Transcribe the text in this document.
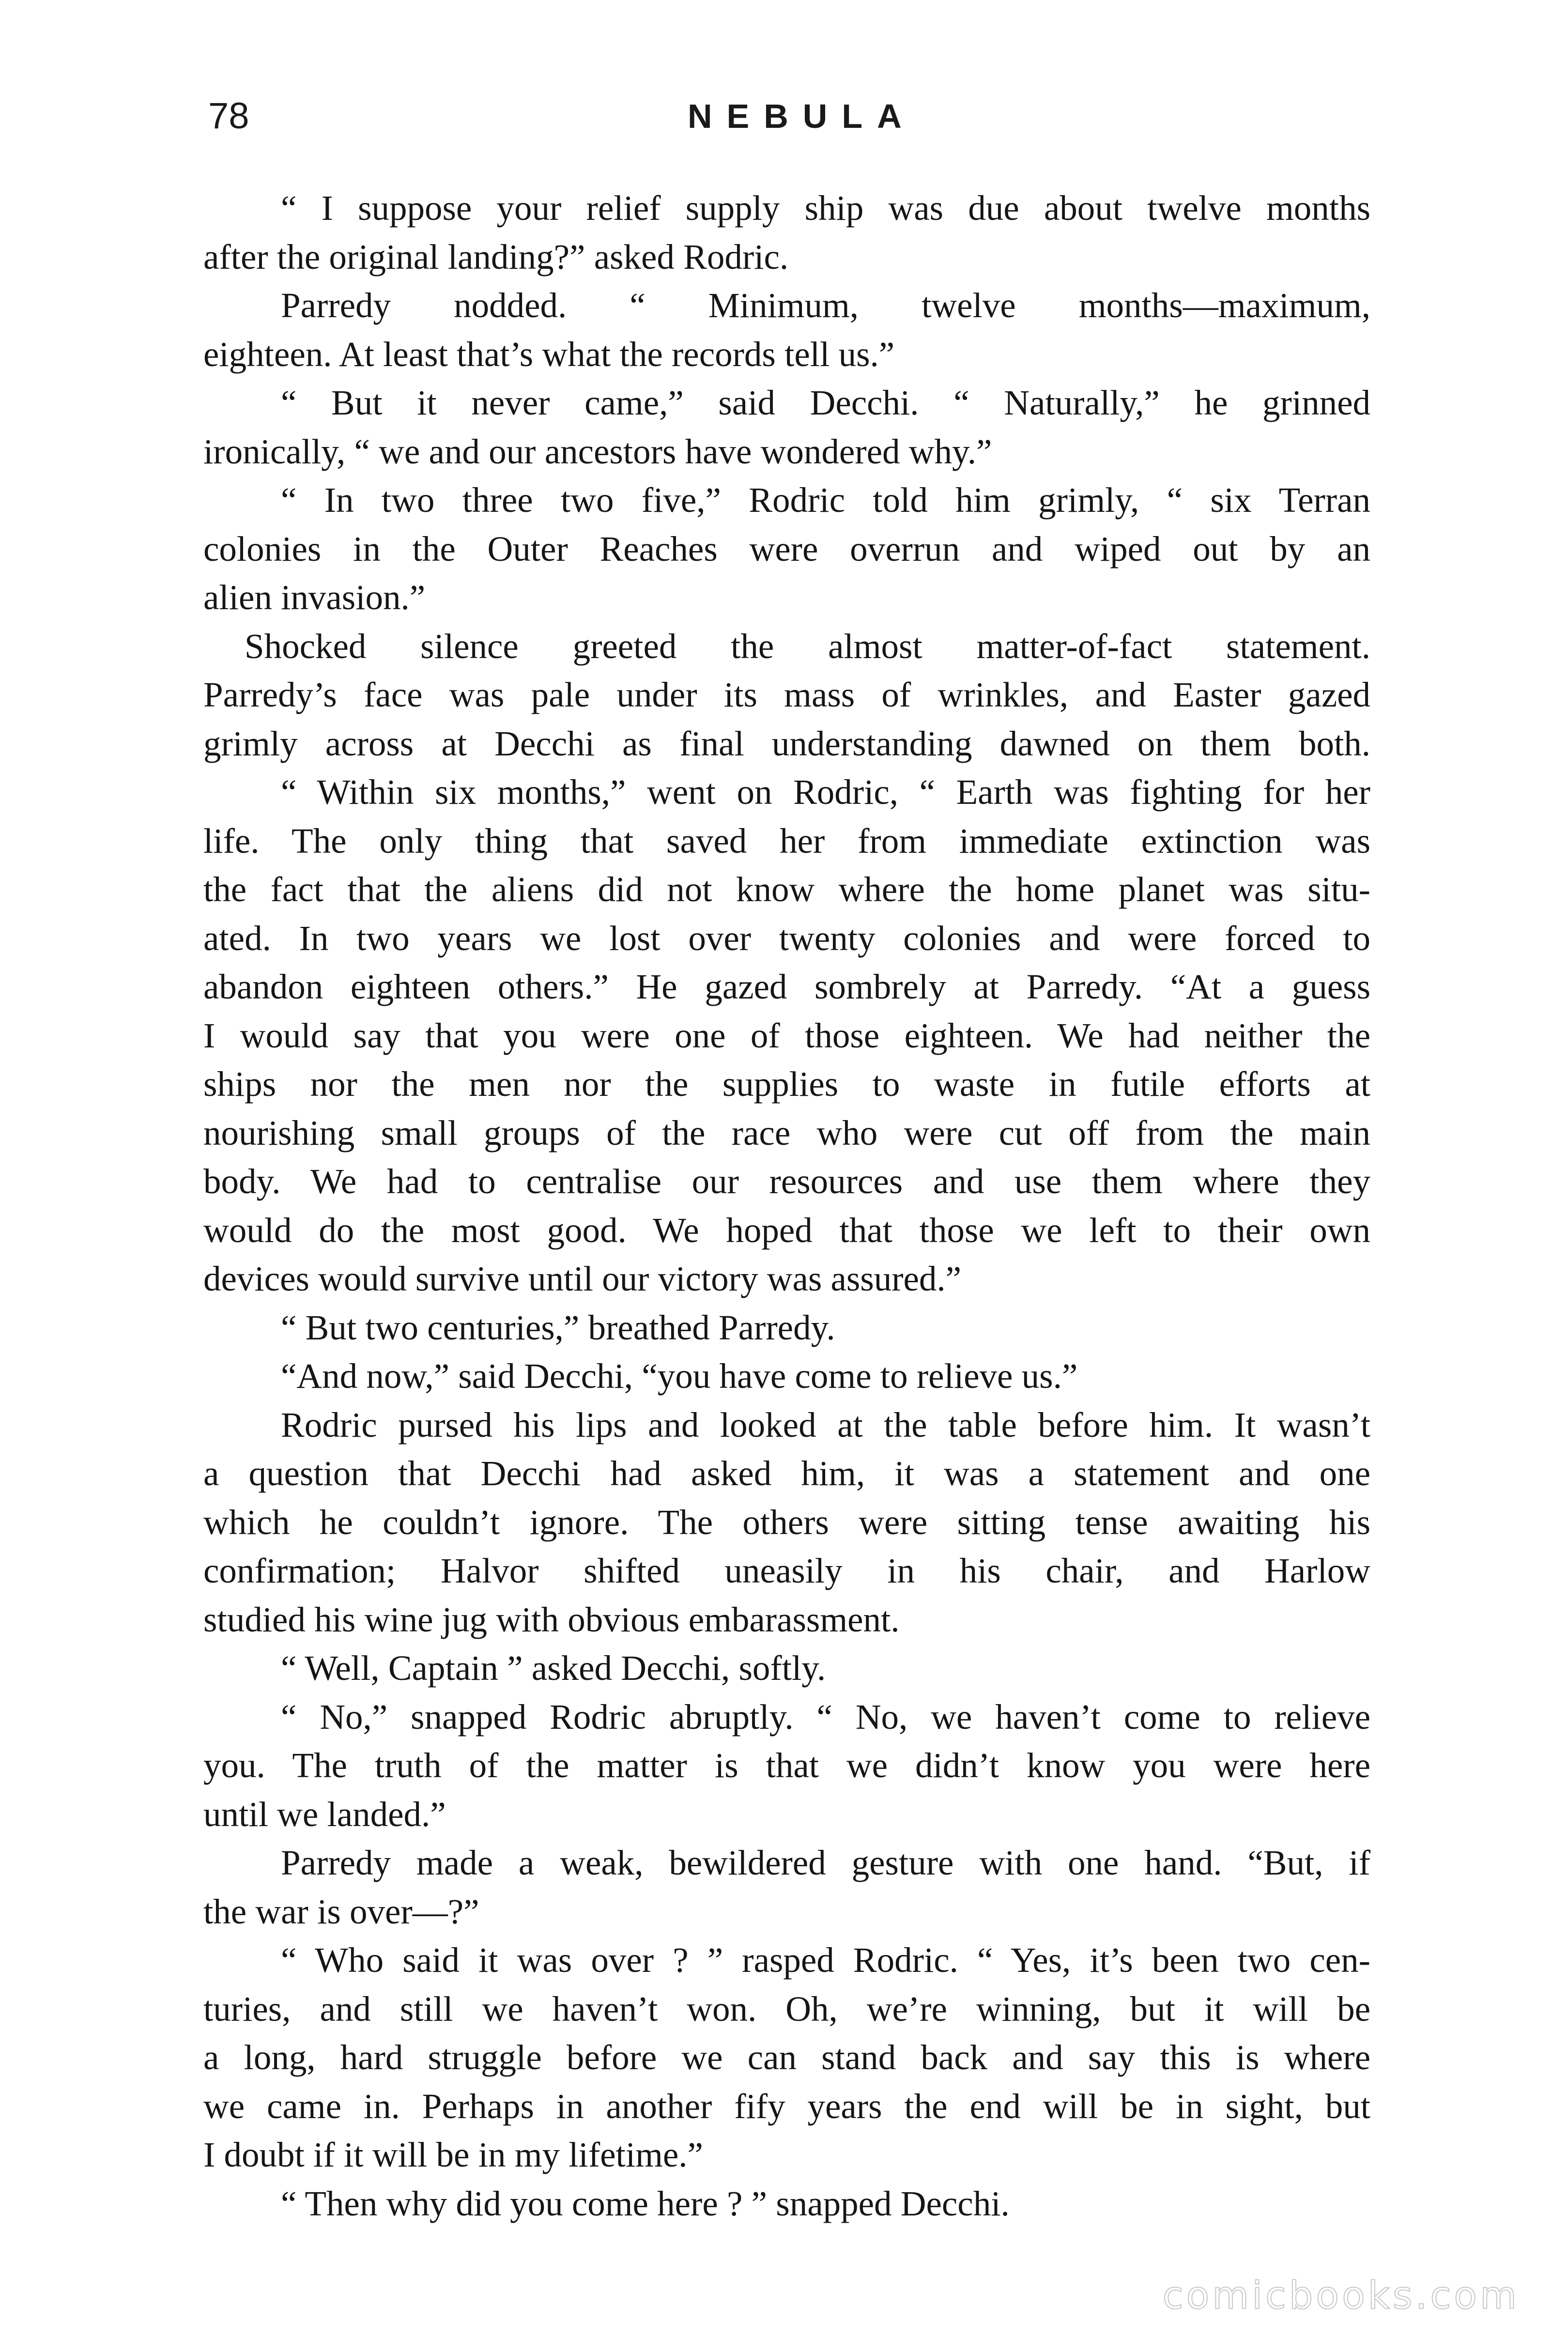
78	NEBULA
“ I suppose your relief supply ship was due about twelve months
after the original landing?” asked Rodric.
Parredy nodded. “ Minimum, twelve months—maximum,
eighteen. At least that’s what the records tell us.”
“ But it never came,” said Decchi. “ Naturally,” he grinned
ironically, “ we and our ancestors have wondered why.”
“ In two three two five,” Rodric told him grimly, “ six Terran
colonies in the Outer Reaches were overrun and wiped out by an
alien invasion.”
Shocked silence greeted the almost matter-of-fact statement.
Parredy’s face was pale under its mass of wrinkles, and Easter gazed
grimly across at Decchi as final understanding dawned on them both.
“ Within six months,” went on Rodric, “ Earth was fighting for her
life. The only thing that saved her from immediate extinction was
the fact that the aliens did not know where the home planet was situ-
ated. In two years we lost over twenty colonies and were forced to
abandon eighteen others.” He gazed sombrely at Parredy. “At a guess
I would say that you were one of those eighteen. We had neither the
ships nor the men nor the supplies to waste in futile efforts at
nourishing small groups of the race who were cut off from the main
body. We had to centralise our resources and use them where they
would do the most good. We hoped that those we left to their own
devices would survive until our victory was assured.”
“ But two centuries,” breathed Parredy.
“And now,” said Decchi, “you have come to relieve us.”
Rodric pursed his lips and looked at the table before him. It wasn’t
a question that Decchi had asked him, it was a statement and one
which he couldn’t ignore. The others were sitting tense awaiting his
confirmation; Halvor shifted uneasily in his chair, and Harlow
studied his wine jug with obvious embarassment.
“ Well, Captain ” asked Decchi, softly.
“ No,” snapped Rodric abruptly. “ No, we haven’t come to relieve
you. The truth of the matter is that we didn’t know you were here
until we landed.”
Parredy made a weak, bewildered gesture with one hand. “But, if
the war is over—?”
“ Who said it was over ? ” rasped Rodric. “ Yes, it’s been two cen-
turies, and still we haven’t won. Oh, we’re winning, but it will be
a long, hard struggle before we can stand back and say this is where
we came in. Perhaps in another fify years the end will be in sight, but
I doubt if it will be in my lifetime.”
“ Then why did you come here ? ” snapped Decchi.
comicbooks.com
